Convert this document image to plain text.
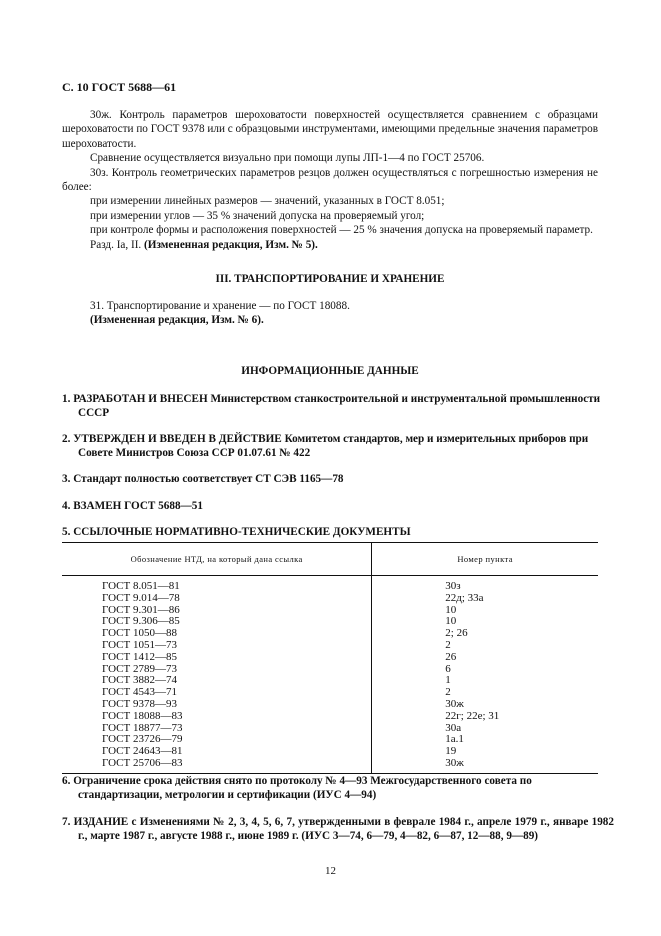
С. 10 ГОСТ 5688—61

30ж. Контроль параметров шероховатости поверхностей осуществляется сравнением с образцами шероховатости по ГОСТ 9378 или с образцовыми инструментами, имеющими предельные значения параметров шероховатости.

Сравнение осуществляется визуально при помощи лупы ЛП-1—4 по ГОСТ 25706.

30з. Контроль геометрических параметров резцов должен осуществляться с погрешностью измерения не более:

при измерении линейных размеров — значений, указанных в ГОСТ 8.051;

при измерении углов — 35 % значений допуска на проверяемый угол;

при контроле формы и расположения поверхностей — 25 % значения допуска на проверяемый параметр.

Разд. Ia, II. (Измененная редакция, Изм. № 5).

III. ТРАНСПОРТИРОВАНИЕ И ХРАНЕНИЕ

31. Транспортирование и хранение — по ГОСТ 18088.

(Измененная редакция, Изм. № 6).

ИНФОРМАЦИОННЫЕ ДАННЫЕ
1. РАЗРАБОТАН И ВНЕСЕН Министерством станкостроительной и инструментальной промышленности СССР
2. УТВЕРЖДЕН И ВВЕДЕН В ДЕЙСТВИЕ Комитетом стандартов, мер и измерительных приборов при Совете Министров Союза ССР 01.07.61 № 422
3. Стандарт полностью соответствует СТ СЭВ 1165—78
4. ВЗАМЕН ГОСТ 5688—51
5. ССЫЛОЧНЫЕ НОРМАТИВНО-ТЕХНИЧЕСКИЕ ДОКУМЕНТЫ
Обозначение НТД, на который дана ссылка	Номер пункта
ГОСТ 8.051—81	30з
ГОСТ 9.014—78	22д; 33а
ГОСТ 9.301—86	10
ГОСТ 9.306—85	10
ГОСТ 1050—88	2; 26
ГОСТ 1051—73	2
ГОСТ 1412—85	26
ГОСТ 2789—73	6
ГОСТ 3882—74	1
ГОСТ 4543—71	2
ГОСТ 9378—93	30ж
ГОСТ 18088—83	22г; 22е; 31
ГОСТ 18877—73	30а
ГОСТ 23726—79	1а.1
ГОСТ 24643—81	19
ГОСТ 25706—83	30ж
6. Ограничение срока действия снято по протоколу № 4—93 Межгосударственного совета по стандартизации, метрологии и сертификации (ИУС 4—94)
7. ИЗДАНИЕ с Изменениями № 2, 3, 4, 5, 6, 7, утвержденными в феврале 1984 г., апреле 1979 г., январе 1982 г., марте 1987 г., августе 1988 г., июне 1989 г. (ИУС 3—74, 6—79, 4—82, 6—87, 12—88, 9—89)
12
